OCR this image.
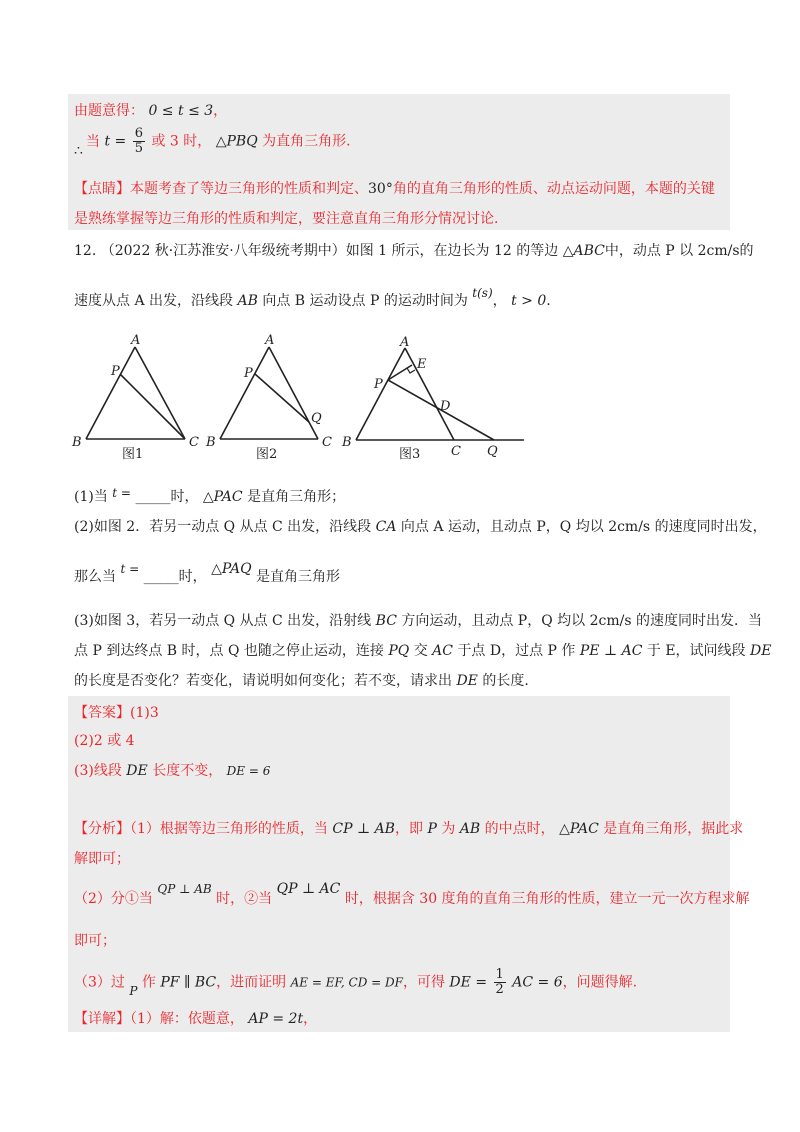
由题意得： 0 ≤ t ≤ 3，
∴
当 $t = \frac{6}{5}$ 或 3 时， △PBQ 为直角三角形.
【点睛】本题考查了等边三角形的性质和判定、30°角的直角三角形的性质、动点运动问题，本题的关键
是熟练掌握等边三角形的性质和判定，要注意直角三角形分情况讨论.
12. （2022 秋·江苏淮安·八年级统考期中）如图 1 所示，在边长为 12 的等边 △ABC中，动点 P 以 2cm/s的
速度从点 A 出发，沿线段 AB 向点 B 运动设点 P 的运动时间为 t(s)， t > 0.
A
P
B	C
图1
A
P
Q
B	C
图2
A
E
P
D
B
C Q
图3
(1)当 t = _____时， △PAC 是直角三角形；
(2)如图 2．若另一动点 Q 从点 C 出发，沿线段 CA 向点 A 运动，且动点 P，Q 均以 2cm/s 的速度同时出发，
那么当 t = _____时， △PAQ 是直角三角形
(3)如图 3，若另一动点 Q 从点 C 出发，沿射线 BC 方向运动，且动点 P，Q 均以 2cm/s 的速度同时出发．当
点 P 到达终点 B 时，点 Q 也随之停止运动，连接 PQ 交 AC 于点 D，过点 P 作 PE ⊥ AC 于 E，试问线段 DE
的长度是否变化？若变化，请说明如何变化；若不变，请求出 DE 的长度.
【答案】(1)3
(2)2 或 4
(3)线段 DE 长度不变， DE = 6
【分析】（1）根据等边三角形的性质，当 CP ⊥ AB，即 P 为 AB 的中点时， △PAC 是直角三角形，据此求
解即可；
（2）分①当 QP ⊥ AB 时，②当 QP ⊥ AC 时，根据含 30 度角的直角三角形的性质，建立一元一次方程求解
即可；
（3）过 P 作 PF ∥ BC，进而证明 AE = EF, CD = DF，可得 DE = $\frac{1}{2}$ AC = 6，问题得解.
【详解】（1）解：依题意， AP = 2t，
